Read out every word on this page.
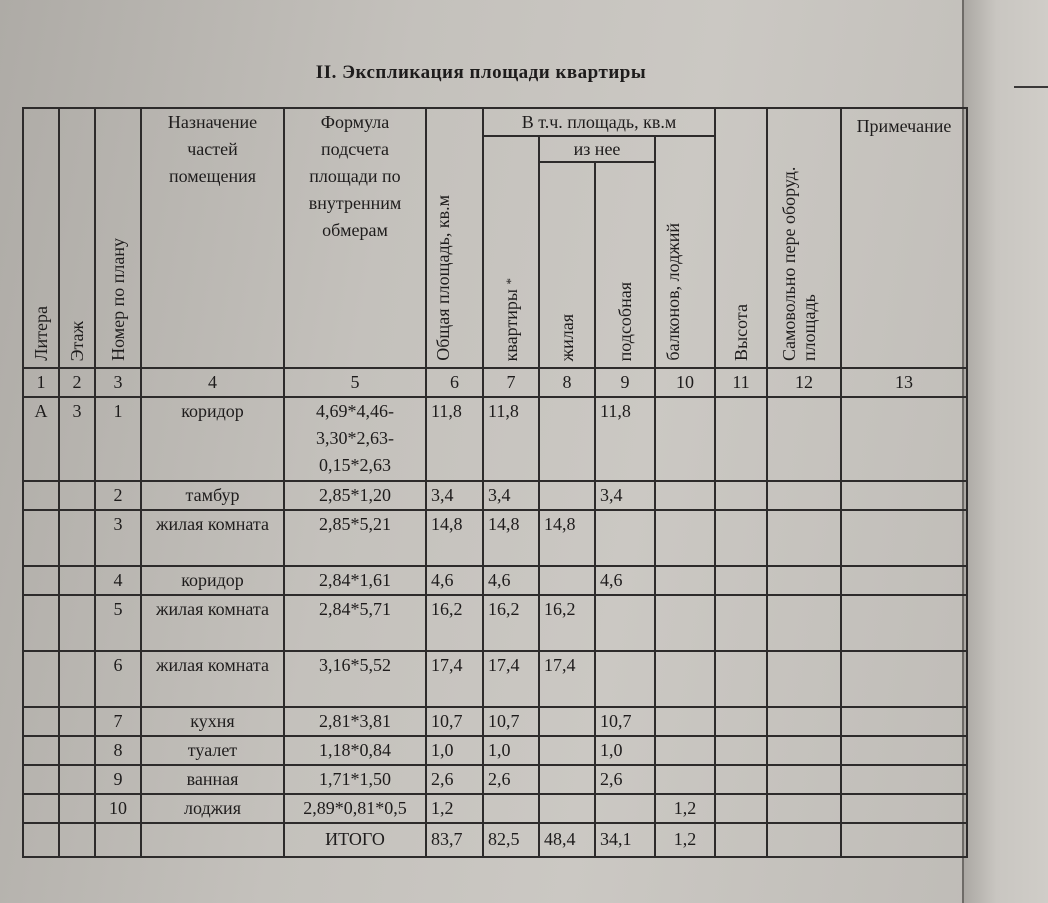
II. Экспликация площади квартиры
Литера	Этаж	Номер по плану	Назначение частей помещения	Формула подсчета площади по внутренним обмерам	Общая площадь, кв.м	В т.ч. площадь, кв.м				Высота	Самовольно пере оборуд. площадь	Примечание

						квартиры *	из нее		балконов, лоджий			

							жилая	подсобная				

1	2	3	4	5	6	7	8	9	10	11	12	13
А	3	1	коридор	4,69*4,46-3,30*2,63-0,15*2,63	11,8	11,8		11,8				
		2	тамбур	2,85*1,20	3,4	3,4		3,4				
		3	жилая комната	2,85*5,21	14,8	14,8	14,8					
		4	коридор	2,84*1,61	4,6	4,6		4,6				
		5	жилая комната	2,84*5,71	16,2	16,2	16,2					
		6	жилая комната	3,16*5,52	17,4	17,4	17,4					
		7	кухня	2,81*3,81	10,7	10,7		10,7				
		8	туалет	1,18*0,84	1,0	1,0		1,0				
		9	ванная	1,71*1,50	2,6	2,6		2,6				
		10	лоджия	2,89*0,81*0,5	1,2				1,2			
				ИТОГО	83,7	82,5	48,4	34,1	1,2			
